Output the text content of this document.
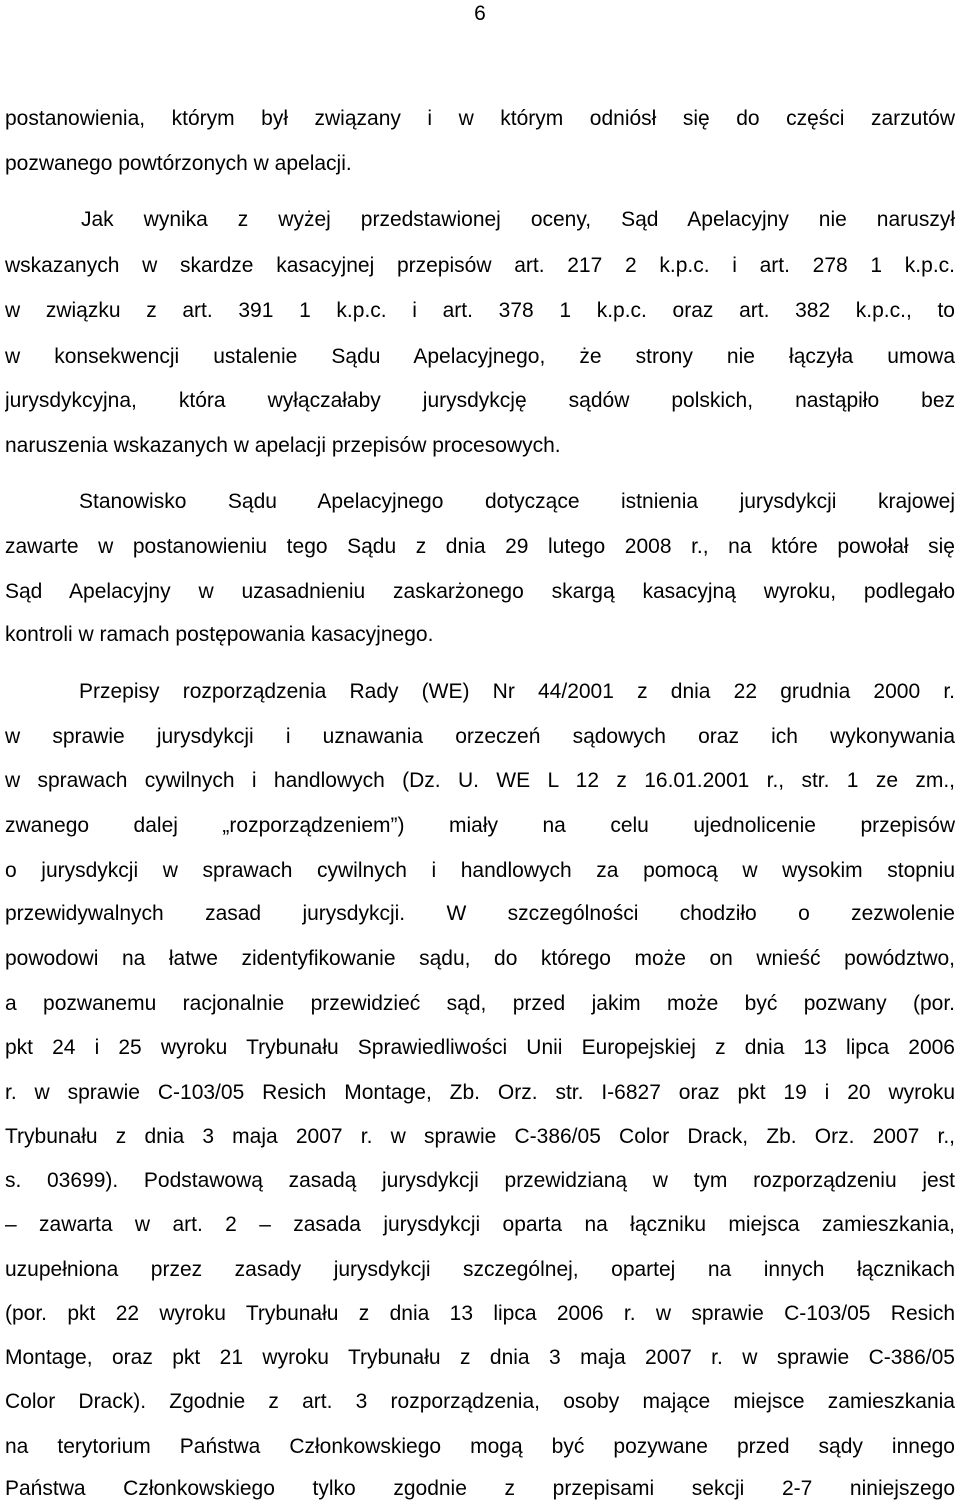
6
postanowienia, którym był związany i w którym odniósł się do części zarzutów
pozwanego powtórzonych w apelacji.
Jak wynika z wyżej przedstawionej oceny, Sąd Apelacyjny nie naruszył
wskazanych w skardze kasacyjnej przepisów art. 217 2 k.p.c. i art. 278 1 k.p.c.
w związku z art. 391 1 k.p.c. i art. 378 1 k.p.c. oraz art. 382 k.p.c., to
w konsekwencji ustalenie Sądu Apelacyjnego, że strony nie łączyła umowa
jurysdykcyjna, która wyłączałaby jurysdykcję sądów polskich, nastąpiło bez
naruszenia wskazanych w apelacji przepisów procesowych.
Stanowisko Sądu Apelacyjnego dotyczące istnienia jurysdykcji krajowej
zawarte w postanowieniu tego Sądu z dnia 29 lutego 2008 r., na które powołał się
Sąd Apelacyjny w uzasadnieniu zaskarżonego skargą kasacyjną wyroku, podlegało
kontroli w ramach postępowania kasacyjnego.
Przepisy rozporządzenia Rady (WE) Nr 44/2001 z dnia 22 grudnia 2000 r.
w sprawie jurysdykcji i uznawania orzeczeń sądowych oraz ich wykonywania
w sprawach cywilnych i handlowych (Dz. U. WE L 12 z 16.01.2001 r., str. 1 ze zm.,
zwanego dalej „rozporządzeniem”) miały na celu ujednolicenie przepisów
o jurysdykcji w sprawach cywilnych i handlowych za pomocą w wysokim stopniu
przewidywalnych zasad jurysdykcji. W szczególności chodziło o zezwolenie
powodowi na łatwe zidentyfikowanie sądu, do którego może on wnieść powództwo,
a pozwanemu racjonalnie przewidzieć sąd, przed jakim może być pozwany (por.
pkt 24 i 25 wyroku Trybunału Sprawiedliwości Unii Europejskiej z dnia 13 lipca 2006
r. w sprawie C-103/05 Resich Montage, Zb. Orz. str. I-6827 oraz pkt 19 i 20 wyroku
Trybunału z dnia 3 maja 2007 r. w sprawie C-386/05 Color Drack, Zb. Orz. 2007 r.,
s. 03699). Podstawową zasadą jurysdykcji przewidzianą w tym rozporządzeniu jest
– zawarta w art. 2 – zasada jurysdykcji oparta na łączniku miejsca zamieszkania,
uzupełniona przez zasady jurysdykcji szczególnej, opartej na innych łącznikach
(por. pkt 22 wyroku Trybunału z dnia 13 lipca 2006 r. w sprawie C-103/05 Resich
Montage, oraz pkt 21 wyroku Trybunału z dnia 3 maja 2007 r. w sprawie C-386/05
Color Drack). Zgodnie z art. 3 rozporządzenia, osoby mające miejsce zamieszkania
na terytorium Państwa Członkowskiego mogą być pozywane przed sądy innego
Państwa Członkowskiego tylko zgodnie z przepisami sekcji 2-7 niniejszego
